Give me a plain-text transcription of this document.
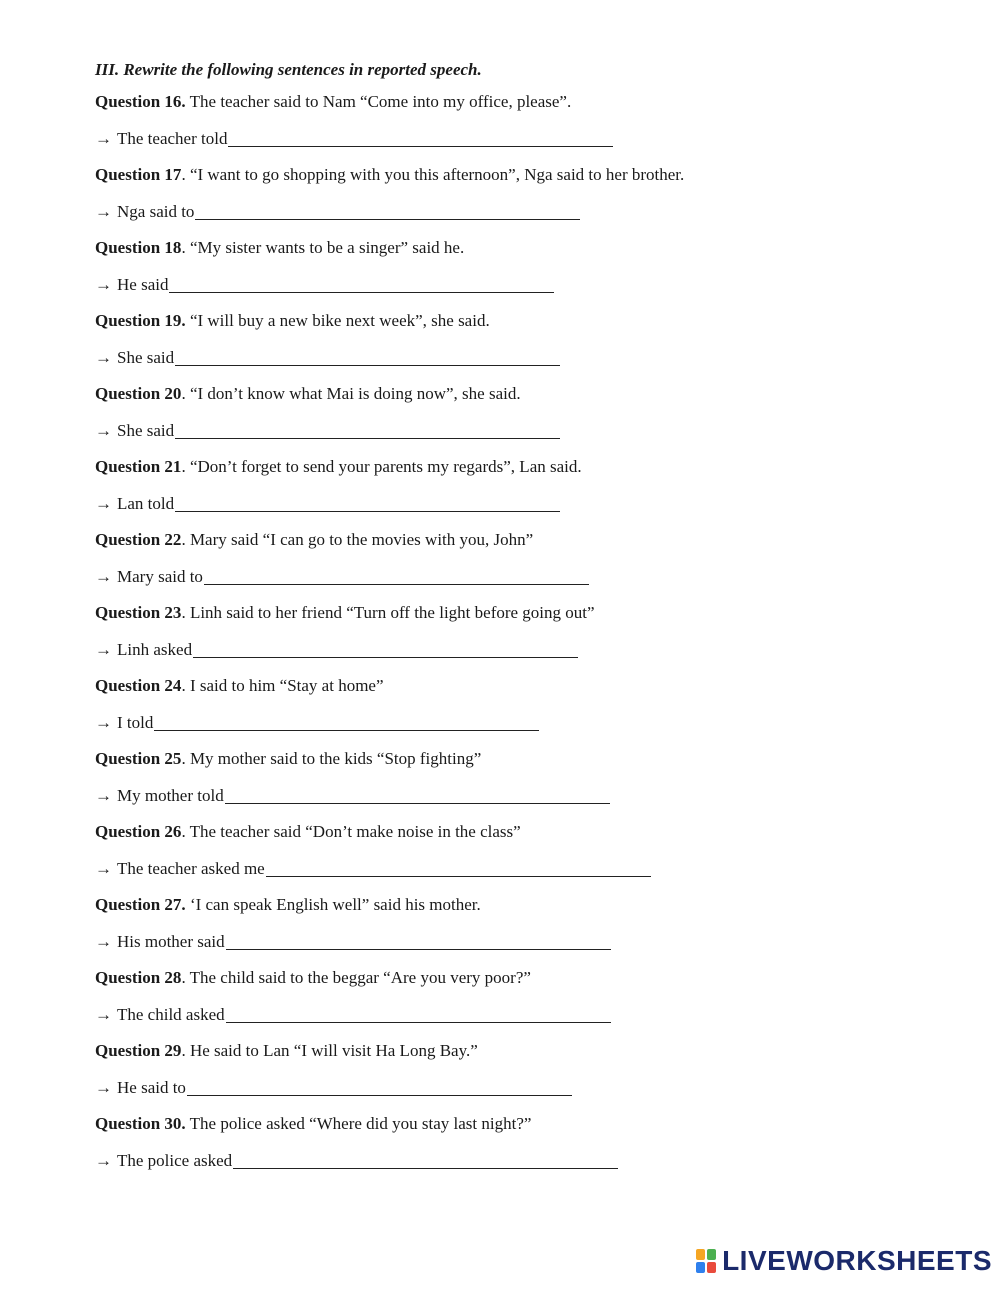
III. Rewrite the following sentences in reported speech.
Question 16. The teacher said to Nam “Come into my office, please”.
→ The teacher told
Question 17. “I want to go shopping with you this afternoon”, Nga said to her brother.
→ Nga said to
Question 18. “My sister wants to be a singer” said he.
→ He said
Question 19. “I will buy a new bike next week”, she said.
→ She said
Question 20. “I don’t know what Mai is doing now”, she said.
→ She said
Question 21. “Don’t forget to send your parents my regards”, Lan said.
→ Lan told
Question 22. Mary said “I can go to the movies with you, John”
→ Mary said to
Question 23. Linh said to her friend “Turn off the light before going out”
→ Linh asked
Question 24. I said to him “Stay at home”
→ I told
Question 25. My mother said to the kids “Stop fighting”
→ My mother told
Question 26. The teacher said “Don’t make noise in the class”
→ The teacher asked me
Question 27. ‘I can speak English well” said his mother.
→ His mother said
Question 28. The child said to the beggar “Are you very poor?”
→ The child asked
Question 29. He said to Lan “I will visit Ha Long Bay.”
→ He said to
Question 30. The police asked “Where did you stay last night?”
→ The police asked
LIVEWORKSHEETS
